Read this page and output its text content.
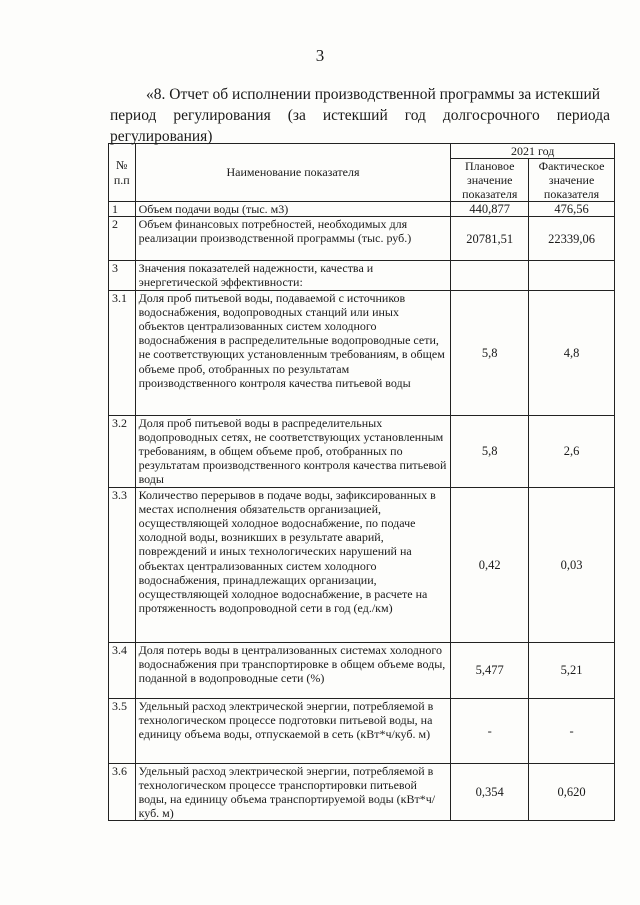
3
«8. Отчет об исполнении производственной программы за истекший
период регулирования (за истекший год долгосрочного периода
регулирования)
№ п.п	Наименование показателя	2021 год	
		Плановое значение показателя	Фактическое значение показателя
1	Объем подачи воды (тыс. м3)	440,877	476,56
2	Объем финансовых потребностей, необходимых для реализации производственной программы (тыс. руб.)	20781,51	22339,06
3	Значения показателей надежности, качества и энергетической эффективности:		
3.1	Доля проб питьевой воды, подаваемой с источников водоснабжения, водопроводных станций или иных объектов централизованных систем холодного водоснабжения в распределительные водопроводные сети, не соответствующих установленным требованиям, в общем объеме проб, отобранных по результатам производственного контроля качества питьевой воды	5,8	4,8
3.2	Доля проб питьевой воды в распределительных водопроводных сетях, не соответствующих установленным требованиям, в общем объеме проб, отобранных по результатам производственного контроля качества питьевой воды	5,8	2,6
3.3	Количество перерывов в подаче воды, зафиксированных в местах исполнения обязательств организацией, осуществляющей холодное водоснабжение, по подаче холодной воды, возникших в результате аварий, повреждений и иных технологических нарушений на объектах централизованных систем холодного водоснабжения, принадлежащих организации, осуществляющей холодное водоснабжение, в расчете на протяженность водопроводной сети в год (ед./км)	0,42	0,03
3.4	Доля потерь воды в централизованных системах холодного водоснабжения при транспортировке в общем объеме воды, поданной в водопроводные сети (%)	5,477	5,21
3.5	Удельный расход электрической энергии, потребляемой в технологическом процессе подготовки питьевой воды, на единицу объема воды, отпускаемой в сеть (кВт*ч/куб. м)	-	-
3.6	Удельный расход электрической энергии, потребляемой в технологическом процессе транспортировки питьевой воды, на единицу объема транспортируемой воды (кВт*ч/куб. м)	0,354	0,620
